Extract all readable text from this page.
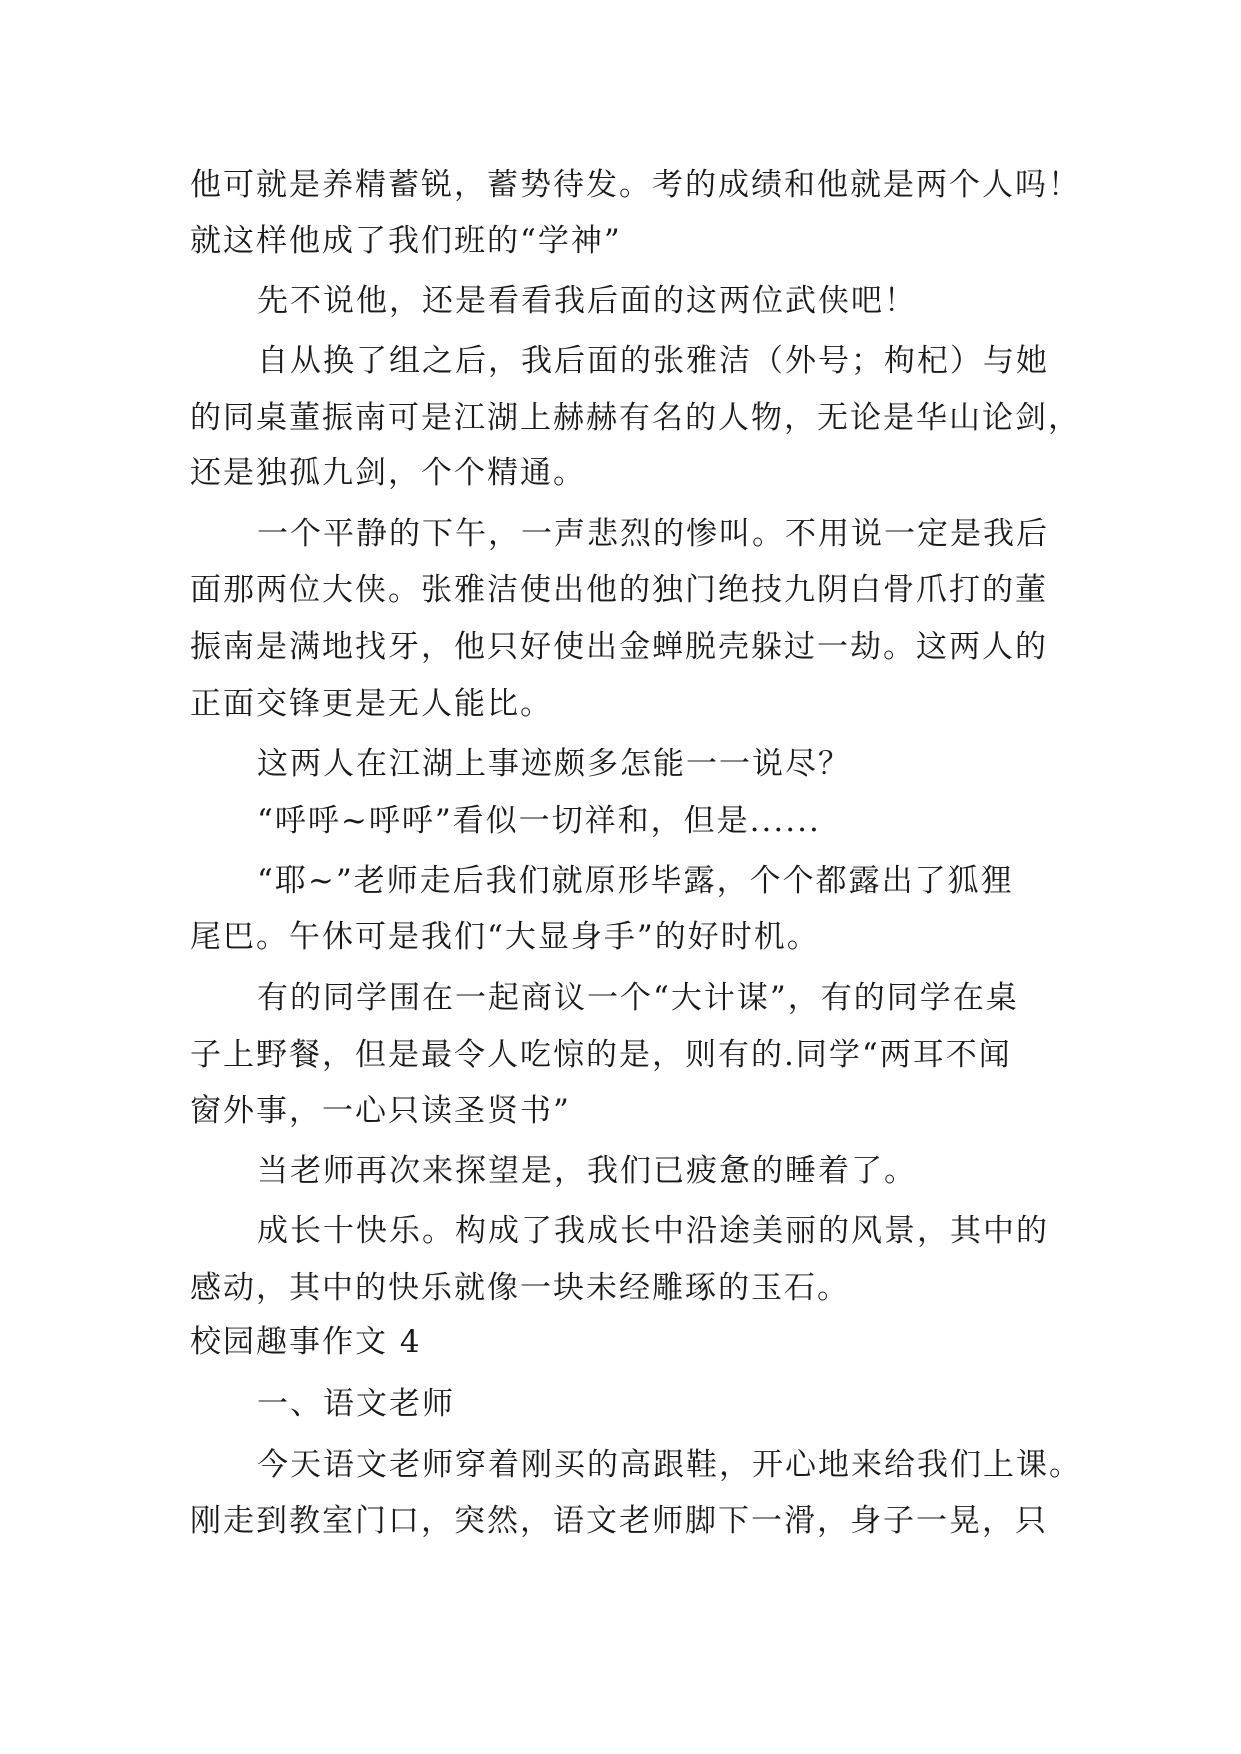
他可就是养精蓄锐，蓄势待发。考的成绩和他就是两个人吗！
就这样他成了我们班的“学神”
先不说他，还是看看我后面的这两位武侠吧！
自从换了组之后，我后面的张雅洁（外号；枸杞）与她
的同桌董振南可是江湖上赫赫有名的人物，无论是华山论剑，
还是独孤九剑，个个精通。
一个平静的下午，一声悲烈的惨叫。不用说一定是我后
面那两位大侠。张雅洁使出他的独门绝技九阴白骨爪打的董
振南是满地找牙，他只好使出金蝉脱壳躲过一劫。这两人的
正面交锋更是无人能比。
这两人在江湖上事迹颇多怎能一一说尽？
“呼呼~呼呼”看似一切祥和，但是......
“耶~”老师走后我们就原形毕露，个个都露出了狐狸
尾巴。午休可是我们“大显身手”的好时机。
有的同学围在一起商议一个“大计谋”，有的同学在桌
子上野餐，但是最令人吃惊的是，则有的.同学“两耳不闻
窗外事，一心只读圣贤书”
当老师再次来探望是，我们已疲惫的睡着了。
成长十快乐。构成了我成长中沿途美丽的风景，其中的
感动，其中的快乐就像一块未经雕琢的玉石。
校园趣事作文 4
一、语文老师
今天语文老师穿着刚买的高跟鞋，开心地来给我们上课。
刚走到教室门口，突然，语文老师脚下一滑，身子一晃，只
